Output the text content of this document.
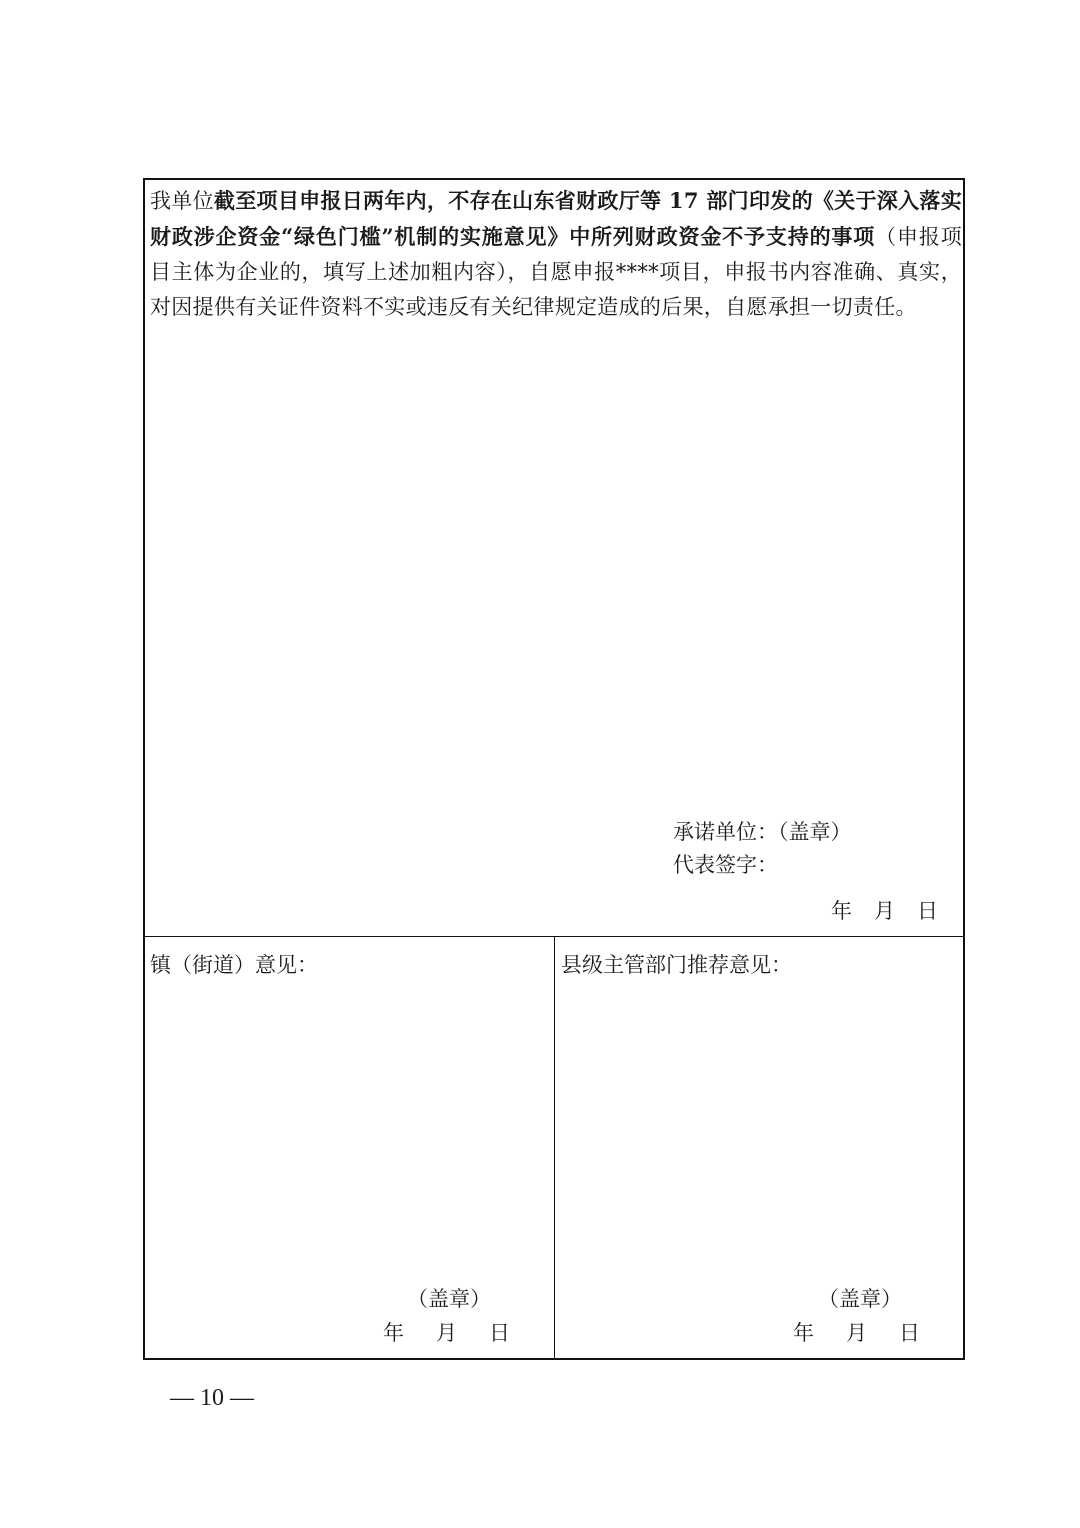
我单位截至项目申报日两年内，不存在山东省财政厅等 17 部门印发的《关于深入落实财政涉企资金“绿色门槛”机制的实施意见》中所列财政资金不予支持的事项（申报项目主体为企业的，填写上述加粗内容），自愿申报****项目，申报书内容准确、真实，对因提供有关证件资料不实或违反有关纪律规定造成的后果，自愿承担一切责任。

承诺单位：（盖章）
代表签字：
年 月 日
镇（街道）意见：
（盖章）
年 月 日
县级主管部门推荐意见：
（盖章）
年 月 日
— 10 —
